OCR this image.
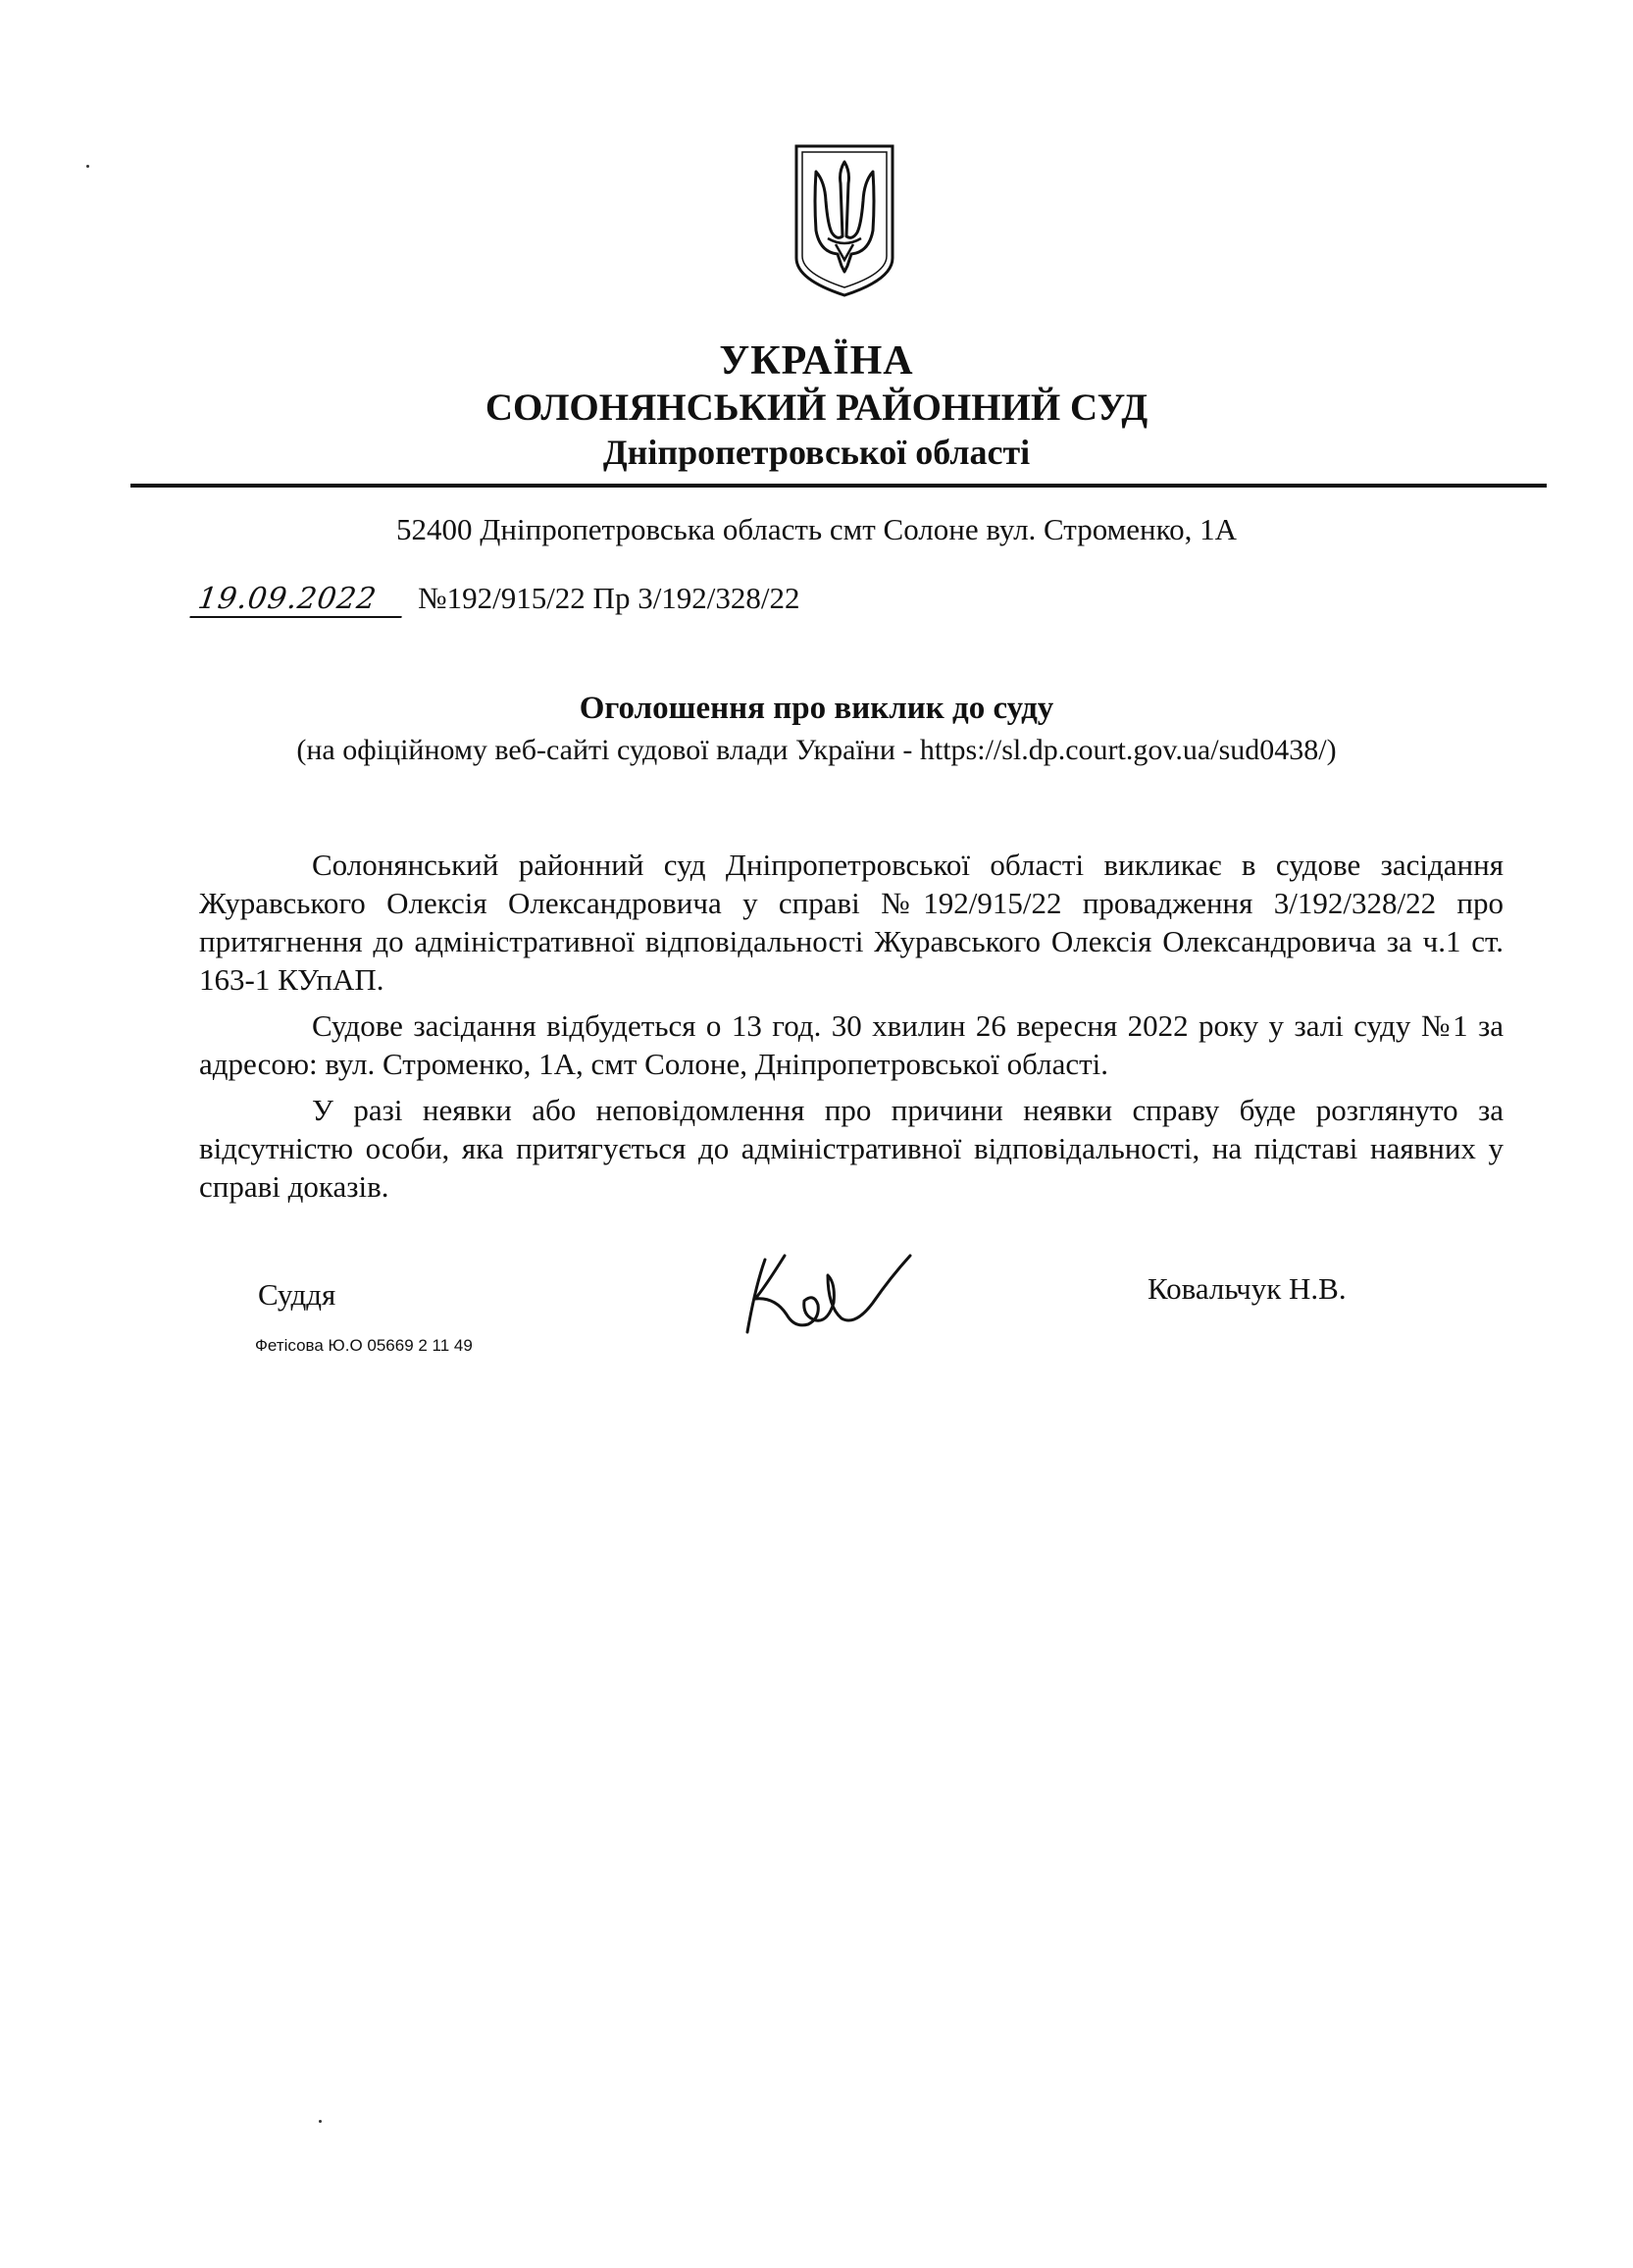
УКРАЇНА
СОЛОНЯНСЬКИЙ РАЙОННИЙ СУД
Дніпропетровської області
52400 Дніпропетровська область смт Солоне вул. Строменко, 1А
19.09.2022	№192/915/22 Пр 3/192/328/22
Оголошення про виклик до суду
(на офіційному веб-сайті судової влади України - https://sl.dp.court.gov.ua/sud0438/)

Солонянський районний суд Дніпропетровської області викликає в судове засідання Журавського Олексія Олександровича у справі №192/915/22 провадження 3/192/328/22 про притягнення до адміністративної відповідальності Журавського Олексія Олександровича за ч.1 ст. 163-1 КУпАП.

Судове засідання відбудеться о 13 год. 30 хвилин 26 вересня 2022 року у залі суду №1 за адресою: вул. Строменко, 1А, смт Солоне, Дніпропетровської області.

У разі неявки або неповідомлення про причини неявки справу буде розглянуто за відсутністю особи, яка притягується до адміністративної відповідальності, на підставі наявних у справі доказів.

Суддя	Ковальчук Н.В.
Фетісова Ю.О 05669 2 11 49
